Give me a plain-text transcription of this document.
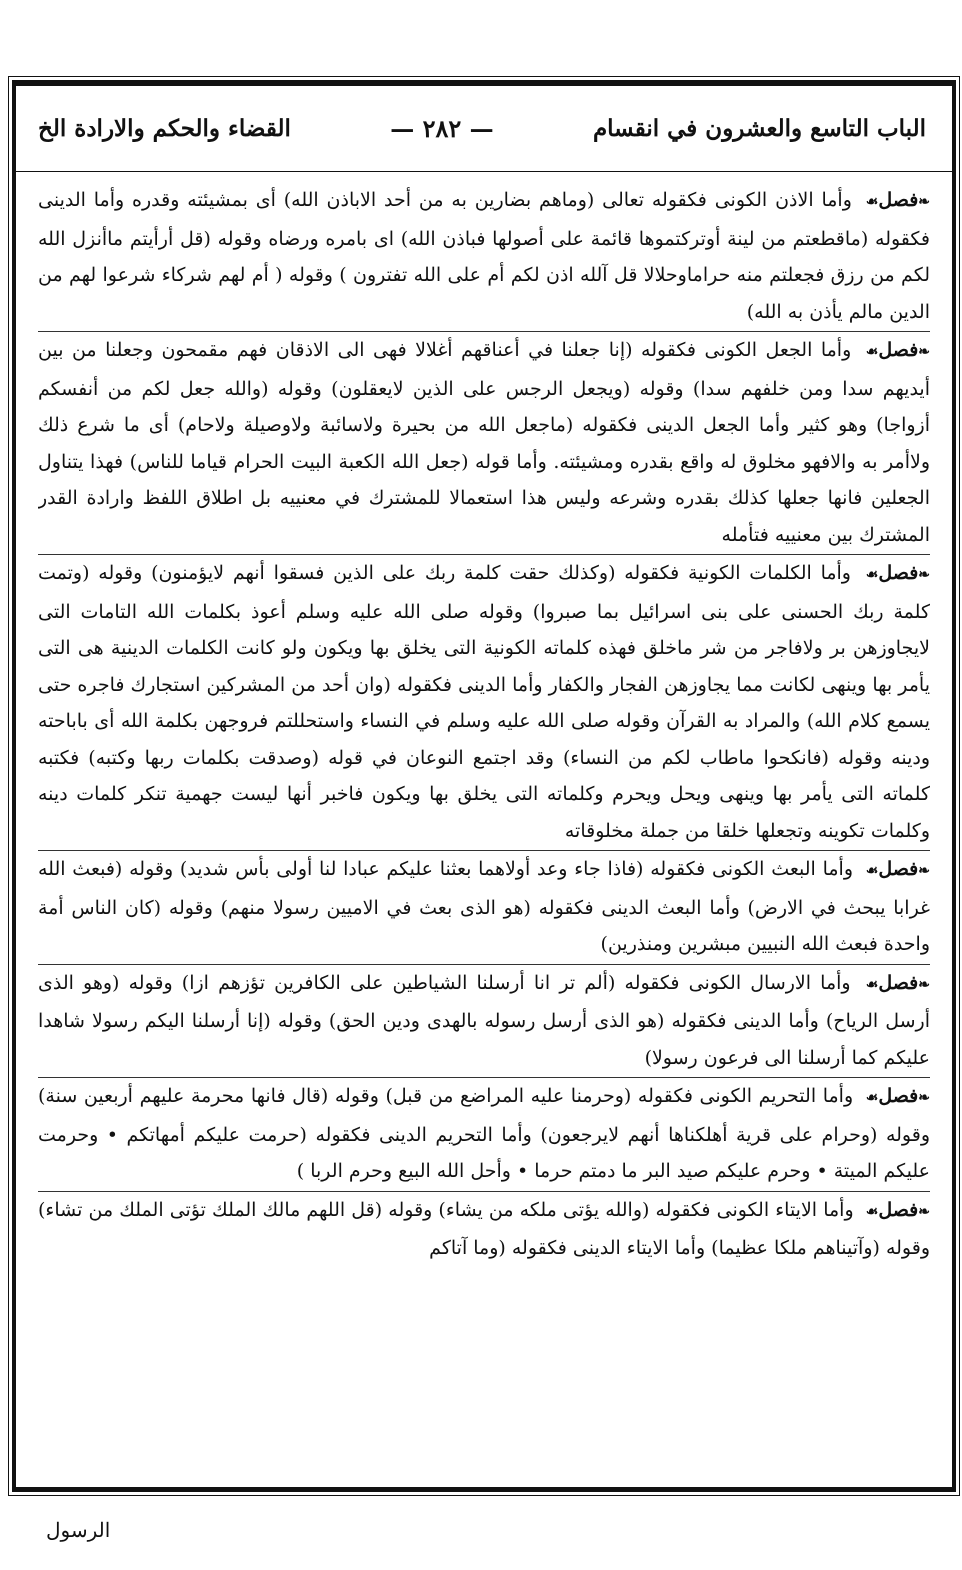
الباب التاسع والعشرون في انقسام
— ٢٨٢ —
القضاء والحكم والارادة الخ

❧فصل☙ وأما الاذن الكونى فكقوله تعالى (وماهم بضارين به من أحد الاباذن الله) أى بمشيئته وقدره وأما الدينى فكقوله (ماقطعتم من لينة أوتركتموها قائمة على أصولها فباذن الله) اى بامره ورضاه وقوله (قل أرأيتم ماأنزل الله لكم من رزق فجعلتم منه حراماوحلالا قل آلله اذن لكم أم على الله تفترون ) وقوله ( أم لهم شركاء شرعوا لهم من الدين مالم يأذن به الله)

❧فصل☙ وأما الجعل الكونى فكقوله (إنا جعلنا في أعناقهم أغلالا فهى الى الاذقان فهم مقمحون وجعلنا من بين أيديهم سدا ومن خلفهم سدا) وقوله (ويجعل الرجس على الذين لايعقلون) وقوله (والله جعل لكم من أنفسكم أزواجا) وهو كثير وأما الجعل الدينى فكقوله (ماجعل الله من بحيرة ولاسائبة ولاوصيلة ولاحام) أى ما شرع ذلك ولاأمر به والافهو مخلوق له واقع بقدره ومشيئته. وأما قوله (جعل الله الكعبة البيت الحرام قياما للناس) فهذا يتناول الجعلين فانها جعلها كذلك بقدره وشرعه وليس هذا استعمالا للمشترك في معنييه بل اطلاق اللفظ وارادة القدر المشترك بين معنييه فتأمله

❧فصل☙ وأما الكلمات الكونية فكقوله (وكذلك حقت كلمة ربك على الذين فسقوا أنهم لايؤمنون) وقوله (وتمت كلمة ربك الحسنى على بنى اسرائيل بما صبروا) وقوله صلى الله عليه وسلم أعوذ بكلمات الله التامات التى لايجاوزهن بر ولافاجر من شر ماخلق فهذه كلماته الكونية التى يخلق بها ويكون ولو كانت الكلمات الدينية هى التى يأمر بها وينهى لكانت مما يجاوزهن الفجار والكفار وأما الدينى فكقوله (وان أحد من المشركين استجارك فاجره حتى يسمع كلام الله) والمراد به القرآن وقوله صلى الله عليه وسلم في النساء واستحللتم فروجهن بكلمة الله أى باباحته ودينه وقوله (فانكحوا ماطاب لكم من النساء) وقد اجتمع النوعان في قوله (وصدقت بكلمات ربها وكتبه) فكتبه كلماته التى يأمر بها وينهى ويحل ويحرم وكلماته التى يخلق بها ويكون فاخبر أنها ليست جهمية تنكر كلمات دينه وكلمات تكوينه وتجعلها خلقا من جملة مخلوقاته

❧فصل☙ وأما البعث الكونى فكقوله (فاذا جاء وعد أولاهما بعثنا عليكم عبادا لنا أولى بأس شديد) وقوله (فبعث الله غرابا يبحث في الارض) وأما البعث الدينى فكقوله (هو الذى بعث في الاميين رسولا منهم) وقوله (كان الناس أمة واحدة فبعث الله النبيين مبشرين ومنذرين)

❧فصل☙ وأما الارسال الكونى فكقوله (ألم تر انا أرسلنا الشياطين على الكافرين تؤزهم ازا) وقوله (وهو الذى أرسل الرياح) وأما الدينى فكقوله (هو الذى أرسل رسوله بالهدى ودين الحق) وقوله (إنا أرسلنا اليكم رسولا شاهدا عليكم كما أرسلنا الى فرعون رسولا)

❧فصل☙ وأما التحريم الكونى فكقوله (وحرمنا عليه المراضع من قبل) وقوله (قال فانها محرمة عليهم أربعين سنة) وقوله (وحرام على قرية أهلكناها أنهم لايرجعون) وأما التحريم الدينى فكقوله (حرمت عليكم أمهاتكم • وحرمت عليكم الميتة • وحرم عليكم صيد البر ما دمتم حرما • وأحل الله البيع وحرم الربا )

❧فصل☙ وأما الايتاء الكونى فكقوله (والله يؤتى ملكه من يشاء) وقوله (قل اللهم مالك الملك تؤتى الملك من تشاء) وقوله (وآتيناهم ملكا عظيما) وأما الايتاء الدينى فكقوله (وما آتاكم

الرسول
